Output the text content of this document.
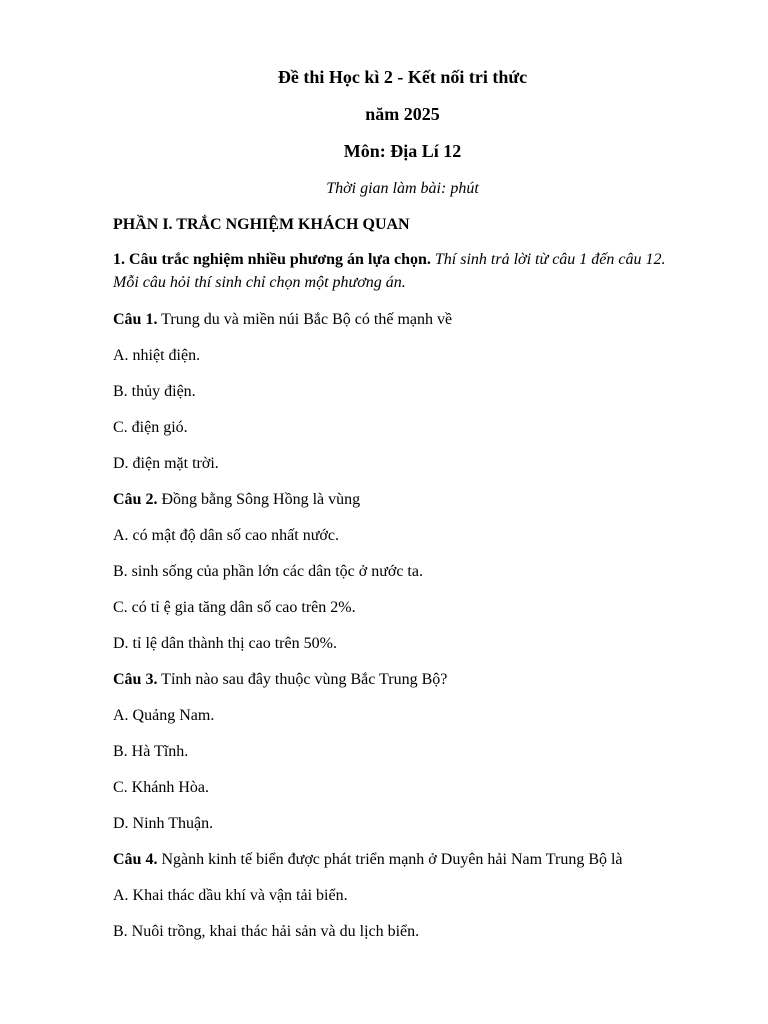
Đề thi Học kì 2 - Kết nối tri thức

năm 2025

Môn: Địa Lí 12

Thời gian làm bài: phút

PHẦN I. TRẮC NGHIỆM KHÁCH QUAN

1. Câu trắc nghiệm nhiều phương án lựa chọn. Thí sinh trả lời từ câu 1 đến câu 12. Mỗi câu hỏi thí sinh chỉ chọn một phương án.

Câu 1. Trung du và miền núi Bắc Bộ có thế mạnh về

A. nhiệt điện.

B. thủy điện.

C. điện gió.

D. điện mặt trời.

Câu 2. Đồng bằng Sông Hồng là vùng

A. có mật độ dân số cao nhất nước.

B. sinh sống của phần lớn các dân tộc ở nước ta.

C. có tỉ ệ gia tăng dân số cao trên 2%.

D. tỉ lệ dân thành thị cao trên 50%.

Câu 3. Tỉnh nào sau đây thuộc vùng Bắc Trung Bộ?

A. Quảng Nam.

B. Hà Tĩnh.

C. Khánh Hòa.

D. Ninh Thuận.

Câu 4. Ngành kinh tế biển được phát triển mạnh ở Duyên hải Nam Trung Bộ là

A. Khai thác dầu khí và vận tải biển.

B. Nuôi trồng, khai thác hải sản và du lịch biển.
